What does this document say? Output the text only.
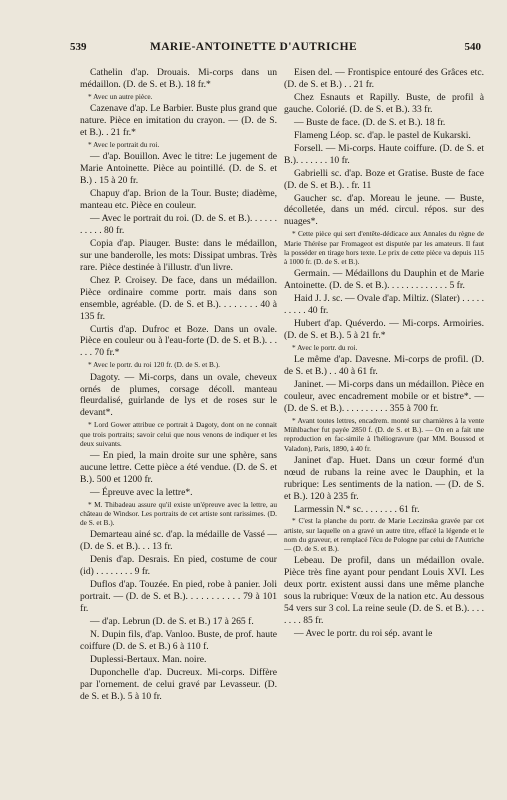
539	MARIE-ANTOINETTE D'AUTRICHE	540

Cathelin d'ap. Drouais. Mi-corps dans un médaillon. (D. de S. et B.). 18 fr.*

* Avec un autre pièce.

Cazenave d'ap. Le Barbier. Buste plus grand que nature. Pièce en imitation du crayon. — (D. de S. et B.). . 21 fr.*

* Avec le portrait du roi.

— d'ap. Bouillon. Avec le titre: Le jugement de Marie Antoinette. Pièce au pointillé. (D. de S. et B.) . 15 à 20 fr.

Chapuy d'ap. Brion de la Tour. Buste; diadème, manteau etc. Pièce en couleur.

— Avec le portrait du roi. (D. de S. et B.). . . . . . . . . . . 80 fr.

Copia d'ap. Piauger. Buste: dans le médaillon, sur une banderolle, les mots: Dissipat umbras. Très rare. Pièce destinée à l'illustr. d'un livre.

Chez P. Croisey. De face, dans un médaillon. Pièce ordinaire comme portr. mais dans son ensemble, agréable. (D. de S. et B.). . . . . . . . 40 à 135 fr.

Curtis d'ap. Dufroc et Boze. Dans un ovale. Pièce en couleur ou à l'eau-forte (D. de S. et B.). . . . . . 70 fr.*

* Avec le portr. du roi 120 fr. (D. de S. et B.).

Dagoty. — Mi-corps, dans un ovale, cheveux ornés de plumes, corsage décoll. manteau fleurdalisé, guirlande de lys et de roses sur le devant*.

* Lord Gower attribue ce portrait à Dagoty, dont on ne connait que trois portraits; savoir celui que nous venons de indiquer et les deux suivants.

— En pied, la main droite sur une sphère, sans aucune lettre. Cette pièce a été vendue. (D. de S. et B.). 500 et 1200 fr.

— Épreuve avec la lettre*.

* M. Thibadeau assure qu'il existe un'épreuve avec la lettre, au château de Windsor. Les portraits de cet artiste sont rarissimes. (D. de S. et B.).

Demarteau ainé sc. d'ap. la médaille de Vassé — (D. de S. et B.). . . 13 fr.

Denis d'ap. Desrais. En pied, costume de cour (id) . . . . . . . . 9 fr.

Duflos d'ap. Touzée. En pied, robe à panier. Joli portrait. — (D. de S. et B.). . . . . . . . . . . 79 à 101 fr.

— d'ap. Lebrun (D. de S. et B.) 17 à 265 f.

N. Dupin fils, d'ap. Vanloo. Buste, de prof. haute coiffure (D. de S. et B.) 6 à 110 f.

Duplessi-Bertaux. Man. noire.

Duponchelle d'ap. Ducreux. Mi-corps. Diffère par l'ornement. de celui gravé par Levasseur. (D. de S. et B.). 5 à 10 fr.

Eisen del. — Frontispice entouré des Grâces etc. (D. de S. et B.) . . 21 fr.

Chez Esnauts et Rapilly. Buste, de profil à gauche. Colorié. (D. de S. et B.). 33 fr.

— Buste de face. (D. de S. et B.). 18 fr.

Flameng Léop. sc. d'ap. le pastel de Kukarski.

Forsell. — Mi-corps. Haute coiffure. (D. de S. et B.). . . . . . . 10 fr.

Gabrielli sc. d'ap. Boze et Gratise. Buste de face (D. de S. et B.). . fr. 11

Gaucher sc. d'ap. Moreau le jeune. — Buste, décolletée, dans un méd. circul. répos. sur des nuages*.

* Cette pièce qui sert d'entête-dédicace aux Annales du règne de Marie Thérèse par Fromageot est disputée par les amateurs. Il faut la posséder en tirage hors texte. Le prix de cette pièce va depuis 115 à 1000 fr. (D. de S. et B.).

Germain. — Médaillons du Dauphin et de Marie Antoinette. (D. de S. et B.). . . . . . . . . . . . . 5 fr.

Haid J. J. sc. — Ovale d'ap. Miltiz. (Slater) . . . . . . . . . . 40 fr.

Hubert d'ap. Quéverdo. — Mi-corps. Armoiries. (D. de S. et B.). 5 à 21 fr.*

* Avec le portr. du roi.

Le même d'ap. Davesne. Mi-corps de profil. (D. de S. et B.) . . 40 à 61 fr.

Janinet. — Mi-corps dans un médaillon. Pièce en couleur, avec encadrement mobile or et bistre*. — (D. de S. et B.). . . . . . . . . . 355 à 700 fr.

* Avant toutes lettres, encadrem. monté sur charnières à la vente Mühlbacher fut payée 2850 f. (D. de S. et B.). — On en a fait une reproduction en fac-simile à l'héliogravure (par MM. Boussod et Valadon), Paris, 1890, à 40 fr.

Janinet d'ap. Huet. Dans un cœur formé d'un nœud de rubans la reine avec le Dauphin, et la rubrique: Les sentiments de la nation. — (D. de S. et B.). 120 à 235 fr.

Larmessin N.* sc. . . . . . . . 61 fr.

* C'est la planche du portr. de Marie Leczinska gravée par cet artiste, sur laquelle on a gravé un autre titre, effacé la légende et le nom du graveur, et remplacé l'écu de Pologne par celui de l'Autriche — (D. de S. et B.).

Lebeau. De profil, dans un médaillon ovale. Pièce très fine ayant pour pendant Louis XVI. Les deux portr. existent aussi dans une même planche sous la rubrique: Vœux de la nation etc. Au dessous 54 vers sur 3 col. La reine seule (D. de S. et B.). . . . . . . . 85 fr.

— Avec le portr. du roi sép. avant le
